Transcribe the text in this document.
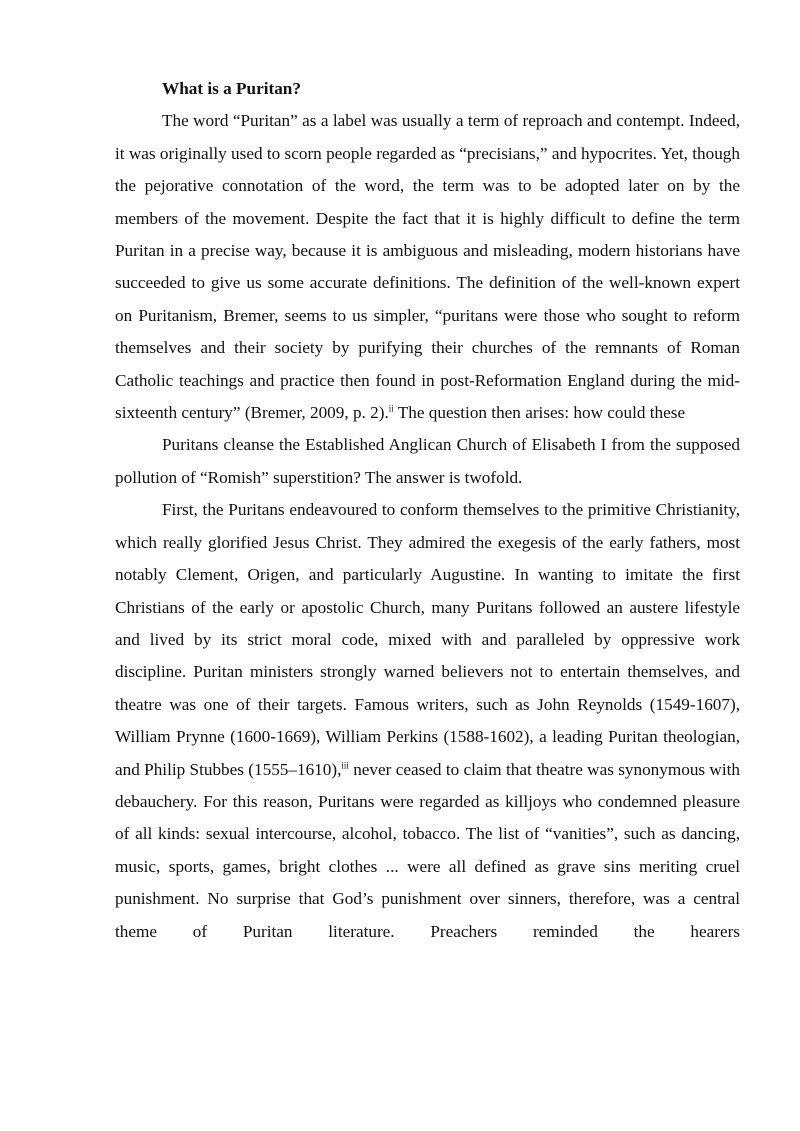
What is a Puritan?

The word “Puritan” as a label was usually a term of reproach and contempt. Indeed, it was originally used to scorn people regarded as “precisians,” and hypocrites. Yet, though the pejorative connotation of the word, the term was to be adopted later on by the members of the movement. Despite the fact that it is highly difficult to define the term Puritan in a precise way, because it is ambiguous and misleading, modern historians have succeeded to give us some accurate definitions. The definition of the well-known expert on Puritanism, Bremer, seems to us simpler, “puritans were those who sought to reform themselves and their society by purifying their churches of the remnants of Roman Catholic teachings and practice then found in post-Reformation England during the mid-sixteenth century” (Bremer, 2009, p. 2).$^{ii}$ The question then arises: how could these

Puritans cleanse the Established Anglican Church of Elisabeth I from the supposed pollution of “Romish” superstition? The answer is twofold.

First, the Puritans endeavoured to conform themselves to the primitive Christianity, which really glorified Jesus Christ. They admired the exegesis of the early fathers, most notably Clement, Origen, and particularly Augustine. In wanting to imitate the first Christians of the early or apostolic Church, many Puritans followed an austere lifestyle and lived by its strict moral code, mixed with and paralleled by oppressive work discipline. Puritan ministers strongly warned believers not to entertain themselves, and theatre was one of their targets. Famous writers, such as John Reynolds (1549-1607), William Prynne (1600-1669), William Perkins (1588-1602), a leading Puritan theologian, and Philip Stubbes (1555–1610),$^{iii}$ never ceased to claim that theatre was synonymous with debauchery. For this reason, Puritans were regarded as killjoys who condemned pleasure of all kinds: sexual intercourse, alcohol, tobacco. The list of “vanities”, such as dancing, music, sports, games, bright clothes ... were all defined as grave sins meriting cruel punishment. No surprise that God’s punishment over sinners, therefore, was a central theme of Puritan literature. Preachers reminded the hearers
